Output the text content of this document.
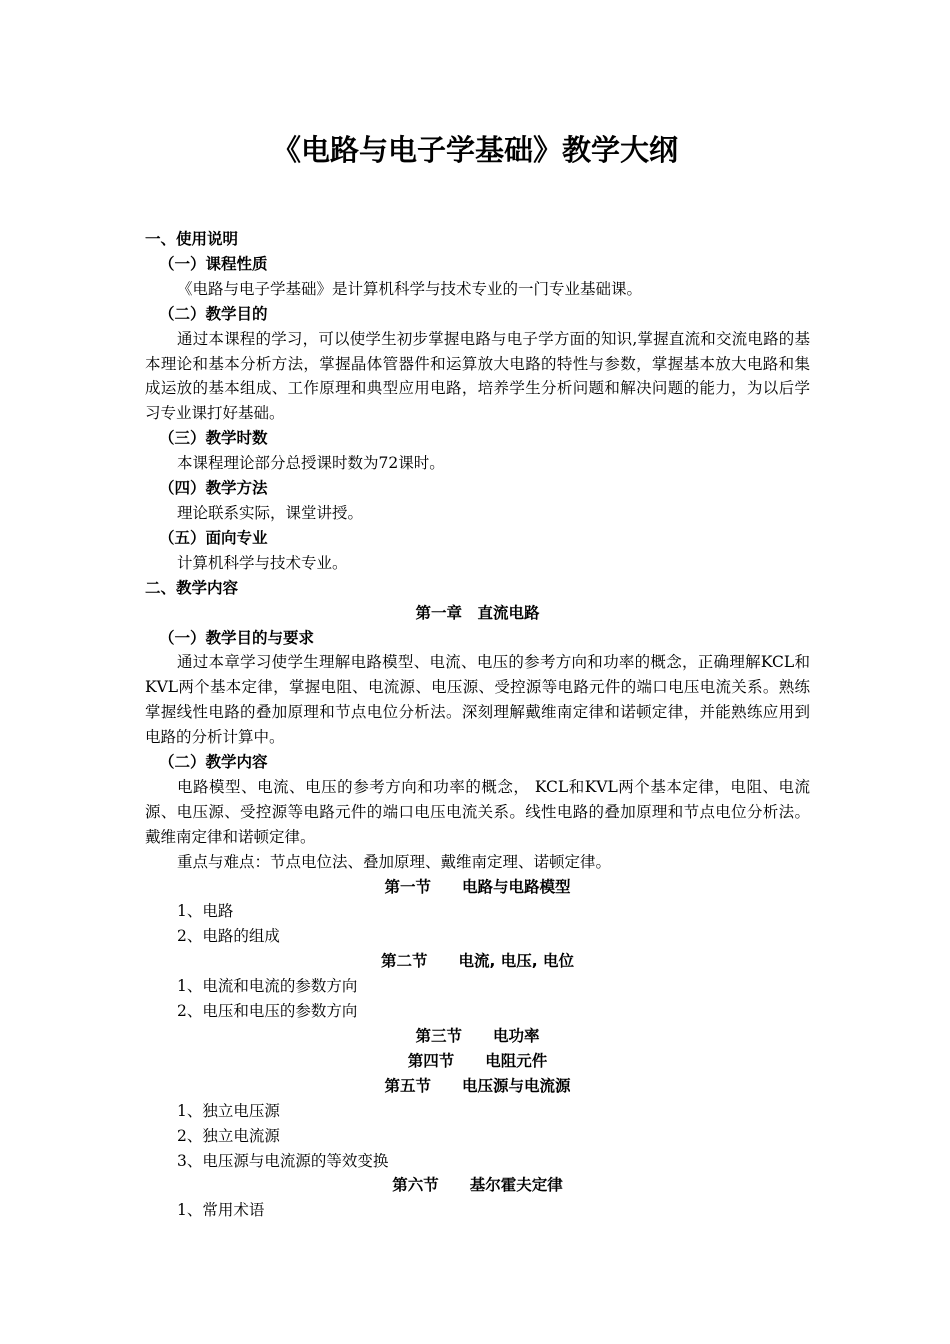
《电路与电子学基础》教学大纲

一、使用说明

（一）课程性质

《电路与电子学基础》是计算机科学与技术专业的一门专业基础课。

（二）教学目的

通过本课程的学习，可以使学生初步掌握电路与电子学方面的知识,掌握直流和交流电路的基本理论和基本分析方法，掌握晶体管器件和运算放大电路的特性与参数，掌握基本放大电路和集成运放的基本组成、工作原理和典型应用电路，培养学生分析问题和解决问题的能力，为以后学习专业课打好基础。

（三）教学时数

本课程理论部分总授课时数为72课时。

（四）教学方法

理论联系实际，课堂讲授。

（五）面向专业

计算机科学与技术专业。

二、教学内容

第一章　直流电路

（一）教学目的与要求

通过本章学习使学生理解电路模型、电流、电压的参考方向和功率的概念，正确理解KCL和KVL两个基本定律，掌握电阻、电流源、电压源、受控源等电路元件的端口电压电流关系。熟练掌握线性电路的叠加原理和节点电位分析法。深刻理解戴维南定律和诺顿定律，并能熟练应用到电路的分析计算中。

（二）教学内容

电路模型、电流、电压的参考方向和功率的概念， KCL和KVL两个基本定律，电阻、电流源、电压源、受控源等电路元件的端口电压电流关系。线性电路的叠加原理和节点电位分析法。戴维南定律和诺顿定律。

重点与难点：节点电位法、叠加原理、戴维南定理、诺顿定律。

第一节　　电路与电路模型

1、电路

2、电路的组成

第二节　　电流, 电压, 电位

1、电流和电流的参数方向

2、电压和电压的参数方向

第三节　　电功率

第四节　　电阻元件

第五节　　电压源与电流源

1、独立电压源

2、独立电流源

3、电压源与电流源的等效变换

第六节　　基尔霍夫定律

1、常用术语
